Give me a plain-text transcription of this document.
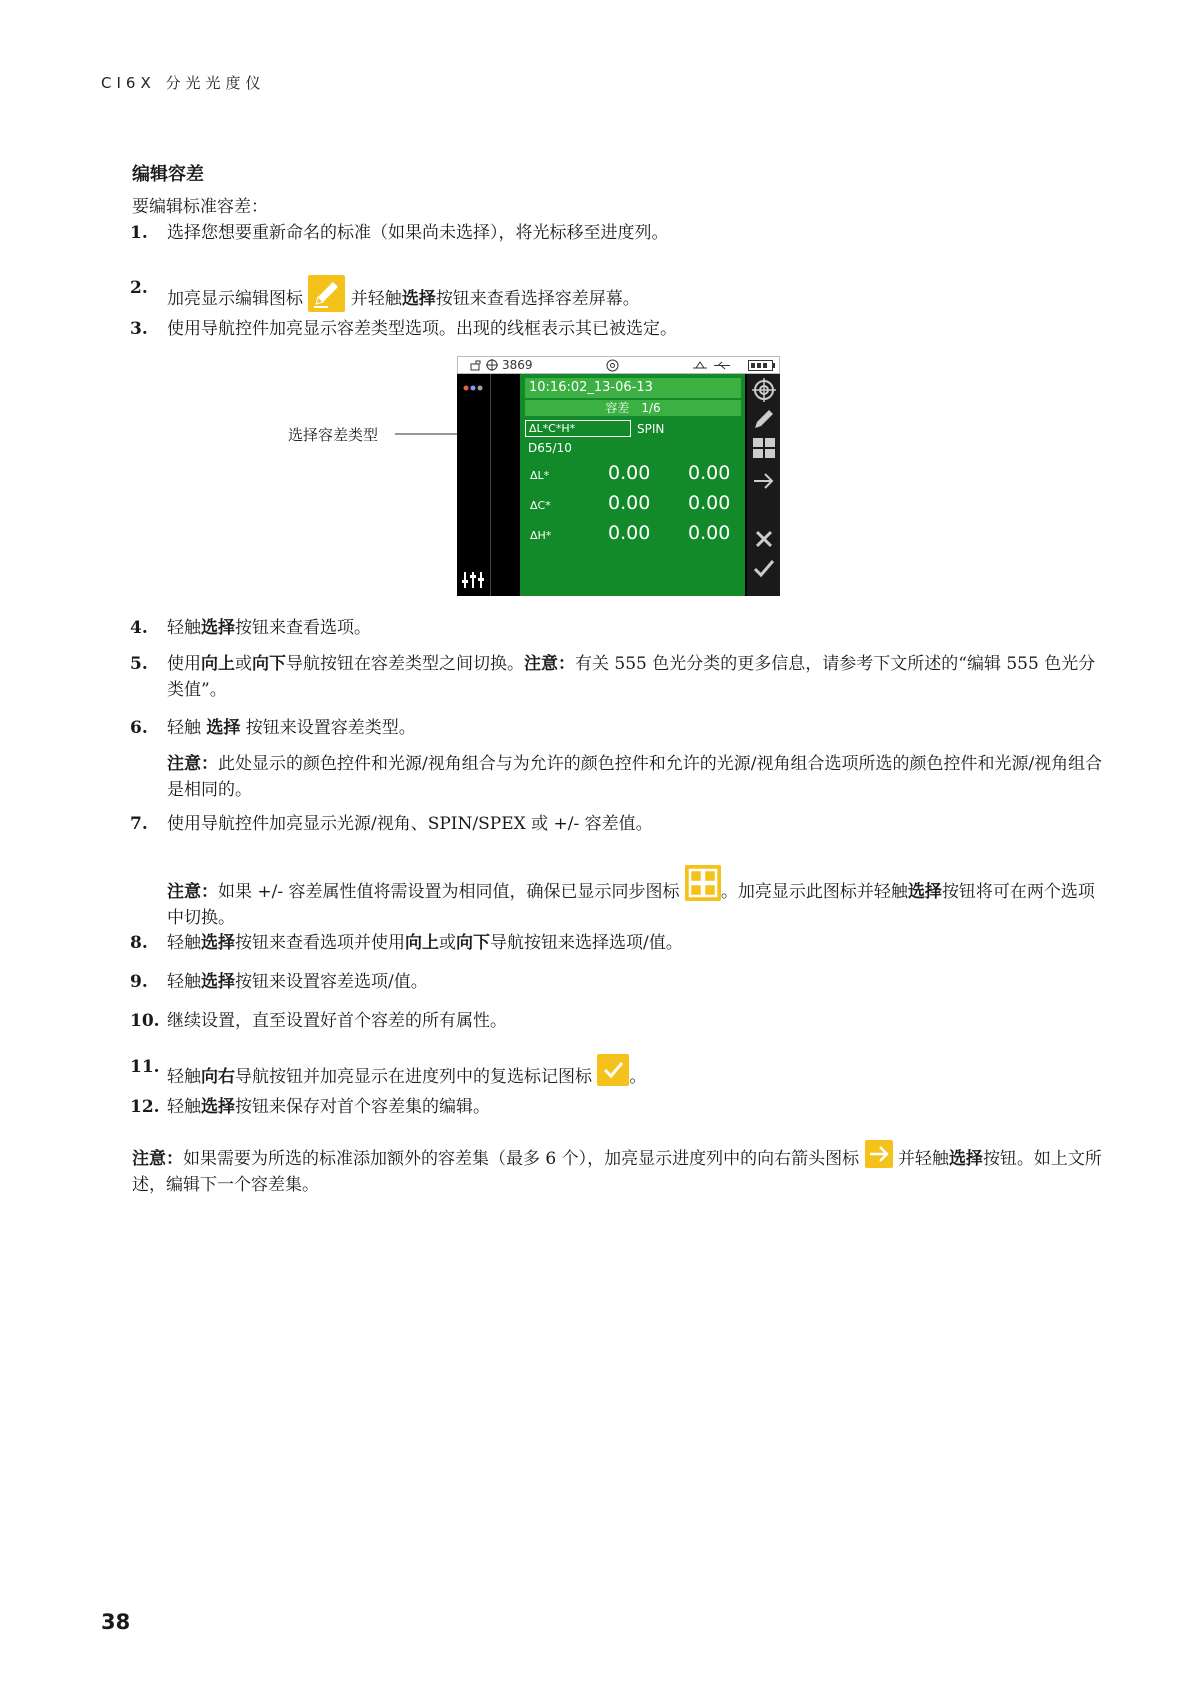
CI6X 分光光度仪
编辑容差
要编辑标准容差：
1.	选择您想要重新命名的标准（如果尚未选择），将光标移至进度列。
2.
加亮显示编辑图标  并轻触选择按钮来查看选择容差屏幕。
3.	使用导航控件加亮显示容差类型选项。出现的线框表示其已被选定。
选择容差类型
3869
10:16:02_13-06-13
容差　1/6
ΔL*C*H*	SPIN
D65/10
ΔL*	0.00 0.00
ΔC*	0.00 0.00
ΔH*	0.00 0.00
4.	轻触选择按钮来查看选项。
5.	使用向上或向下导航按钮在容差类型之间切换。注意：有关 555 色光分类的更多信息，请参考下文所述的“编辑 555 色光分类值”。
6.	轻触 选择 按钮来设置容差类型。
注意：此处显示的颜色控件和光源/视角组合与为允许的颜色控件和允许的光源/视角组合选项所选的颜色控件和光源/视角组合是相同的。
7.	使用导航控件加亮显示光源/视角、SPIN/SPEX 或 +/- 容差值。
注意：如果 +/- 容差属性值将需设置为相同值，确保已显示同步图标 。加亮显示此图标并轻触选择按钮将可在两个选项中切换。
8.	轻触选择按钮来查看选项并使用向上或向下导航按钮来选择选项/值。
9.	轻触选择按钮来设置容差选项/值。
10. 继续设置，直至设置好首个容差的所有属性。
11. 轻触向右导航按钮并加亮显示在进度列中的复选标记图标 。
12. 轻触选择按钮来保存对首个容差集的编辑。
注意：如果需要为所选的标准添加额外的容差集（最多 6 个），加亮显示进度列中的向右箭头图标  并轻触选择按钮。如上文所述，编辑下一个容差集。
38
